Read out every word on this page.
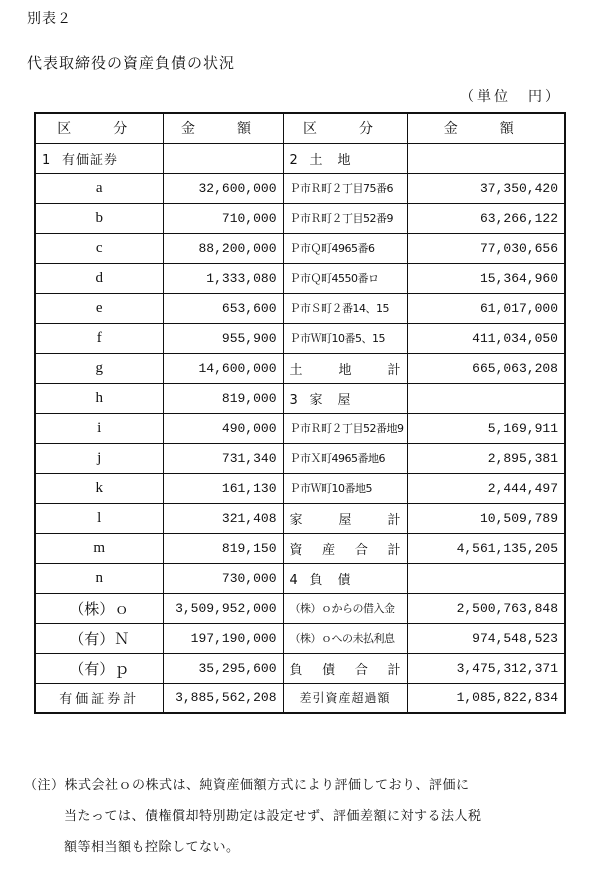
別表２
代表取締役の資産負債の状況
（単位　円）
区　分	金　額	区　分	金　額
1 有価証券		2 土　地	
a	32,600,000	Ｐ市Ｒ町２丁目75番6	37,350,420
b	710,000	Ｐ市Ｒ町２丁目52番9	63,266,122
c	88,200,000	Ｐ市Ｑ町4965番6	77,030,656
d	1,333,080	Ｐ市Ｑ町4550番ロ	15,364,960
e	653,600	Ｐ市Ｓ町２番14、15	61,017,000
f	955,900	Ｐ市Ｗ町10番5、15	411,034,050
g	14,600,000	土地計	665,063,208
h	819,000	3 家　屋	
i	490,000	Ｐ市Ｒ町２丁目52番地9	5,169,911
j	731,340	Ｐ市Ｘ町4965番地6	2,895,381
k	161,130	Ｐ市Ｗ町10番地5	2,444,497
l	321,408	家屋計	10,509,789
m	819,150	資産合計	4,561,135,205
n	730,000	4 負　債	
（株）ｏ	3,509,952,000	（株）ｏからの借入金	2,500,763,848
（有）Ｎ	197,190,000	（株）ｏへの未払利息	974,548,523
（有）ｐ	35,295,600	負債合計	3,475,312,371
有価証券計	3,885,562,208	差引資産超過額	1,085,822,834
（注）株式会社ｏの株式は、純資産価額方式により評価しており、評価に
当たっては、債権償却特別勘定は設定せず、評価差額に対する法人税
額等相当額も控除してない。
